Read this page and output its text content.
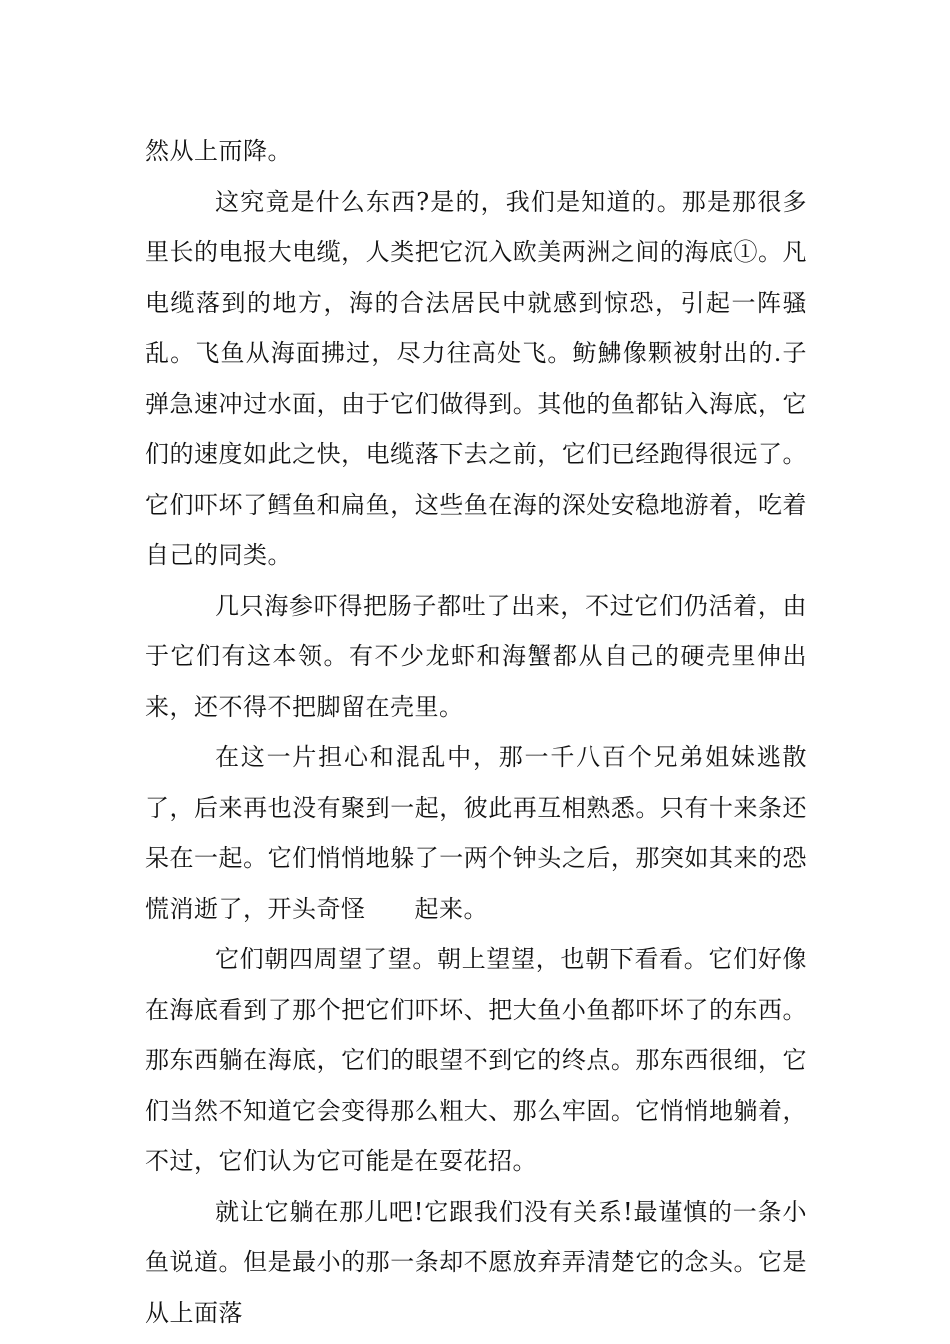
然从上而降。

这究竟是什么东西?是的，我们是知道的。那是那很多里长的电报大电缆，人类把它沉入欧美两洲之间的海底①。凡电缆落到的地方，海的合法居民中就感到惊恐，引起一阵骚乱。飞鱼从海面拂过，尽力往高处飞。鲂鮄像颗被射出的.子弹急速冲过水面，由于它们做得到。其他的鱼都钻入海底，它们的速度如此之快，电缆落下去之前，它们已经跑得很远了。它们吓坏了鳕鱼和扁鱼，这些鱼在海的深处安稳地游着，吃着自己的同类。

几只海参吓得把肠子都吐了出来，不过它们仍活着，由于它们有这本领。有不少龙虾和海蟹都从自己的硬壳里伸出来，还不得不把脚留在壳里。

在这一片担心和混乱中，那一千八百个兄弟姐妹逃散了，后来再也没有聚到一起，彼此再互相熟悉。只有十来条还呆在一起。它们悄悄地躲了一两个钟头之后，那突如其来的恐慌消逝了，开头奇怪　　起来。

它们朝四周望了望。朝上望望，也朝下看看。它们好像在海底看到了那个把它们吓坏、把大鱼小鱼都吓坏了的东西。那东西躺在海底，它们的眼望不到它的终点。那东西很细，它们当然不知道它会变得那么粗大、那么牢固。它悄悄地躺着，不过，它们认为它可能是在耍花招。

就让它躺在那儿吧!它跟我们没有关系!最谨慎的一条小鱼说道。但是最小的那一条却不愿放弃弄清楚它的念头。它是从上面落
